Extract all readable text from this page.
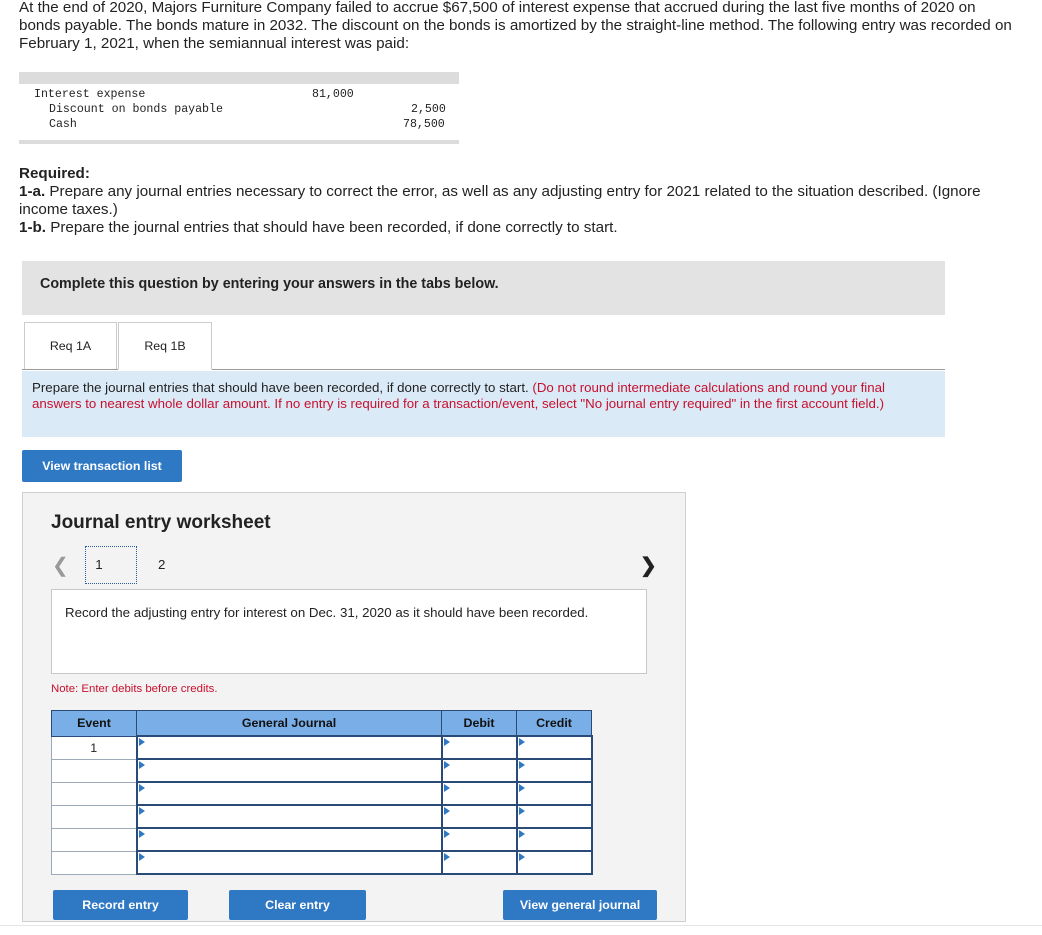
At the end of 2020, Majors Furniture Company failed to accrue $67,500 of interest expense that accrued during the last five months of 2020 on bonds payable. The bonds mature in 2032. The discount on the bonds is amortized by the straight-line method. The following entry was recorded on February 1, 2021, when the semiannual interest was paid:
Interest expense	81,000
Discount on bonds payable	2,500
Cash	78,500
Required:
1-a. Prepare any journal entries necessary to correct the error, as well as any adjusting entry for 2021 related to the situation described. (Ignore income taxes.)
1-b. Prepare the journal entries that should have been recorded, if done correctly to start.
Complete this question by entering your answers in the tabs below.
Req 1A	Req 1B
Prepare the journal entries that should have been recorded, if done correctly to start. (Do not round intermediate calculations and round your final answers to nearest whole dollar amount. If no entry is required for a transaction/event, select "No journal entry required" in the first account field.)
View transaction list
Journal entry worksheet
❮	1	2	❯
Record the adjusting entry for interest on Dec. 31, 2020 as it should have been recorded.
Note: Enter debits before credits.
Event	General Journal	Debit	Credit
1	

Record entry	Clear entry	View general journal
